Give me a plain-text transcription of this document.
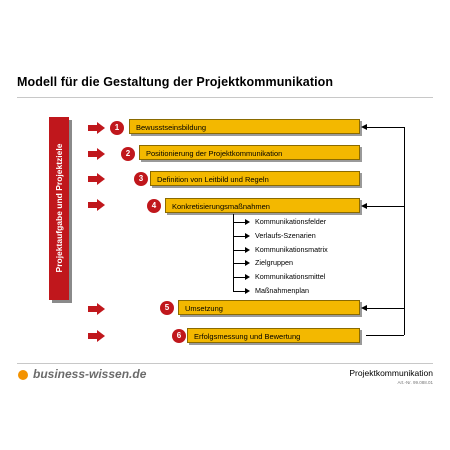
Modell für die Gestaltung der Projektkommunikation
Projektaufgabe und Projektziele
1
2
3
4
5
6
Bewusstseinsbildung
Positionierung der Projektkommunikation
Definition von Leitbild und Regeln
Konkretisierungsmaßnahmen
Umsetzung
Erfolgsmessung und Bewertung
Kommunikationsfelder
Verlaufs-Szenarien
Kommunikationsmatrix
Zielgruppen
Kommunikationsmittel
Maßnahmenplan
business-wissen.de	Projektkommunikation
Art.-Nr. 99.088.01
